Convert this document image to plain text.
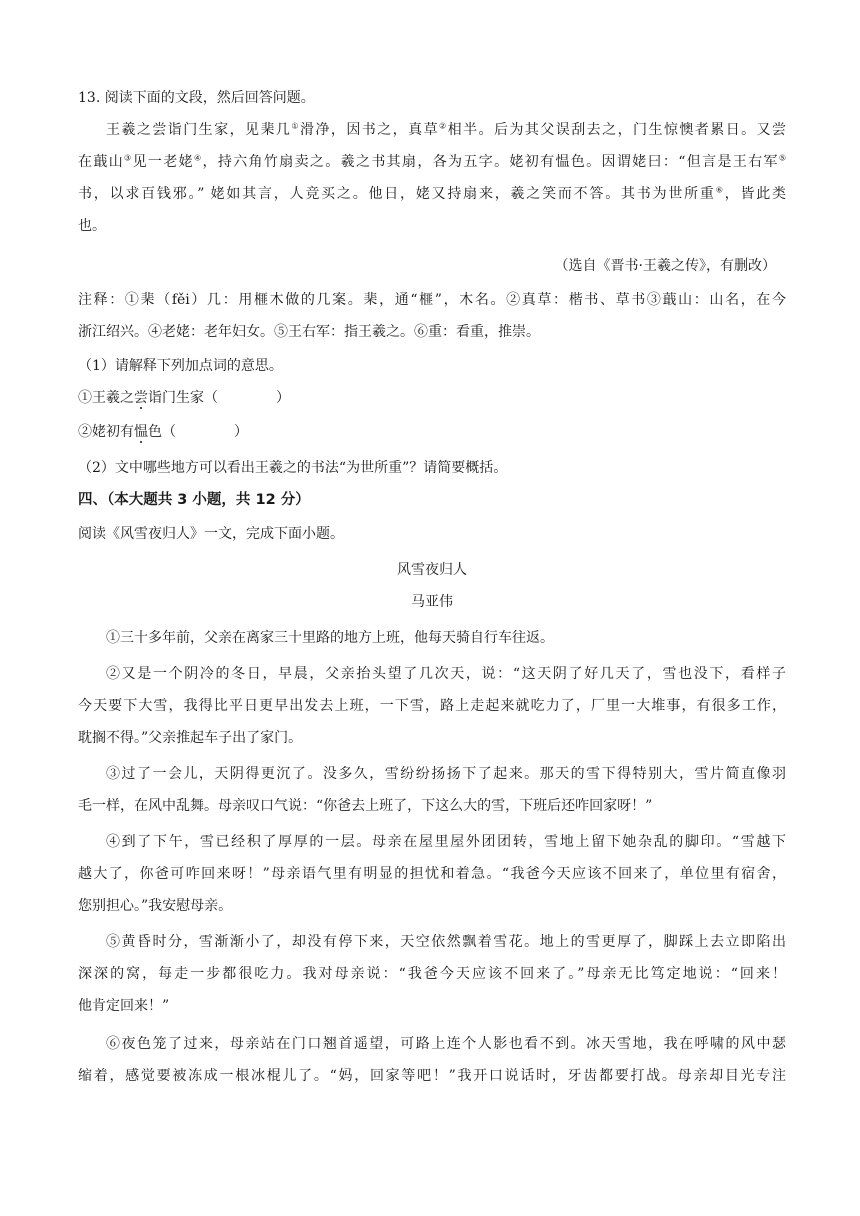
13. 阅读下面的文段，然后回答问题。
王羲之尝诣门生家，见棐几①滑净，因书之，真草②相半。后为其父误刮去之，门生惊懊者累日。又尝
在蕺山③见一老姥④，持六角竹扇卖之。羲之书其扇，各为五字。姥初有愠色。因谓姥曰：“但言是王右军⑤
书，以求百钱邪。” 姥如其言，人竞买之。他日，姥又持扇来，羲之笑而不答。其书为世所重⑥，皆此类
也。
（选自《晋书·王羲之传》，有删改）
注释：①棐（fěi）几：用榧木做的几案。棐，通“榧”，木名。②真草：楷书、草书③蕺山：山名，在今
浙江绍兴。④老姥：老年妇女。⑤王右军：指王羲之。⑥重：看重，推崇。
（1）请解释下列加点词的意思。
①王羲之尝诣门生家（	）
②姥初有愠色（	）
（2）文中哪些地方可以看出王羲之的书法“为世所重”？请简要概括。
四、（本大题共 3 小题，共 12 分）
阅读《风雪夜归人》一文，完成下面小题。
风雪夜归人
马亚伟
①三十多年前，父亲在离家三十里路的地方上班，他每天骑自行车往返。
②又是一个阴冷的冬日，早晨，父亲抬头望了几次天，说：“这天阴了好几天了，雪也没下，看样子
今天要下大雪，我得比平日更早出发去上班，一下雪，路上走起来就吃力了，厂里一大堆事，有很多工作，
耽搁不得。”父亲推起车子出了家门。
③过了一会儿，天阴得更沉了。没多久，雪纷纷扬扬下了起来。那天的雪下得特别大，雪片简直像羽
毛一样，在风中乱舞。母亲叹口气说：“你爸去上班了，下这么大的雪，下班后还咋回家呀！”
④到了下午，雪已经积了厚厚的一层。母亲在屋里屋外团团转，雪地上留下她杂乱的脚印。“雪越下
越大了，你爸可咋回来呀！”母亲语气里有明显的担忧和着急。“我爸今天应该不回来了，单位里有宿舍，
您别担心。”我安慰母亲。
⑤黄昏时分，雪渐渐小了，却没有停下来，天空依然飘着雪花。地上的雪更厚了，脚踩上去立即陷出
深深的窝，每走一步都很吃力。我对母亲说：“我爸今天应该不回来了。”母亲无比笃定地说：“回来！
他肯定回来！”
⑥夜色笼了过来，母亲站在门口翘首遥望，可路上连个人影也看不到。冰天雪地，我在呼啸的风中瑟
缩着，感觉要被冻成一根冰棍儿了。“妈，回家等吧！”我开口说话时，牙齿都要打战。母亲却目光专注
